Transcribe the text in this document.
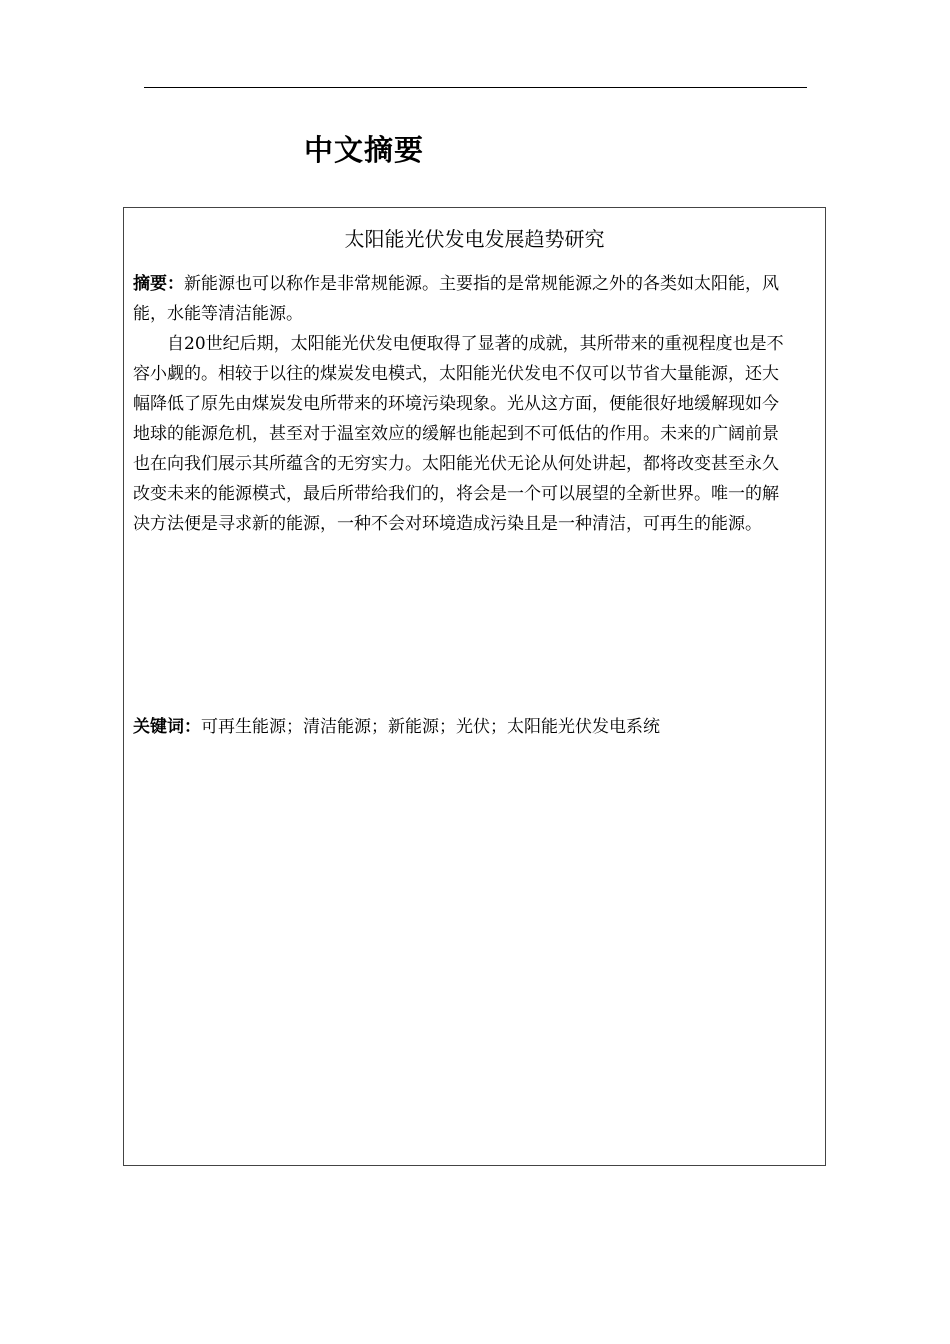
中文摘要
太阳能光伏发电发展趋势研究

摘要：新能源也可以称作是非常规能源。主要指的是常规能源之外的各类如太阳能，风能，水能等清洁能源。

自20世纪后期，太阳能光伏发电便取得了显著的成就，其所带来的重视程度也是不容小觑的。相较于以往的煤炭发电模式，太阳能光伏发电不仅可以节省大量能源，还大幅降低了原先由煤炭发电所带来的环境污染现象。光从这方面，便能很好地缓解现如今地球的能源危机，甚至对于温室效应的缓解也能起到不可低估的作用。未来的广阔前景也在向我们展示其所蕴含的无穷实力。太阳能光伏无论从何处讲起，都将改变甚至永久改变未来的能源模式，最后所带给我们的，将会是一个可以展望的全新世界。唯一的解决方法便是寻求新的能源，一种不会对环境造成污染且是一种清洁，可再生的能源。

关键词：可再生能源；清洁能源；新能源；光伏；太阳能光伏发电系统
